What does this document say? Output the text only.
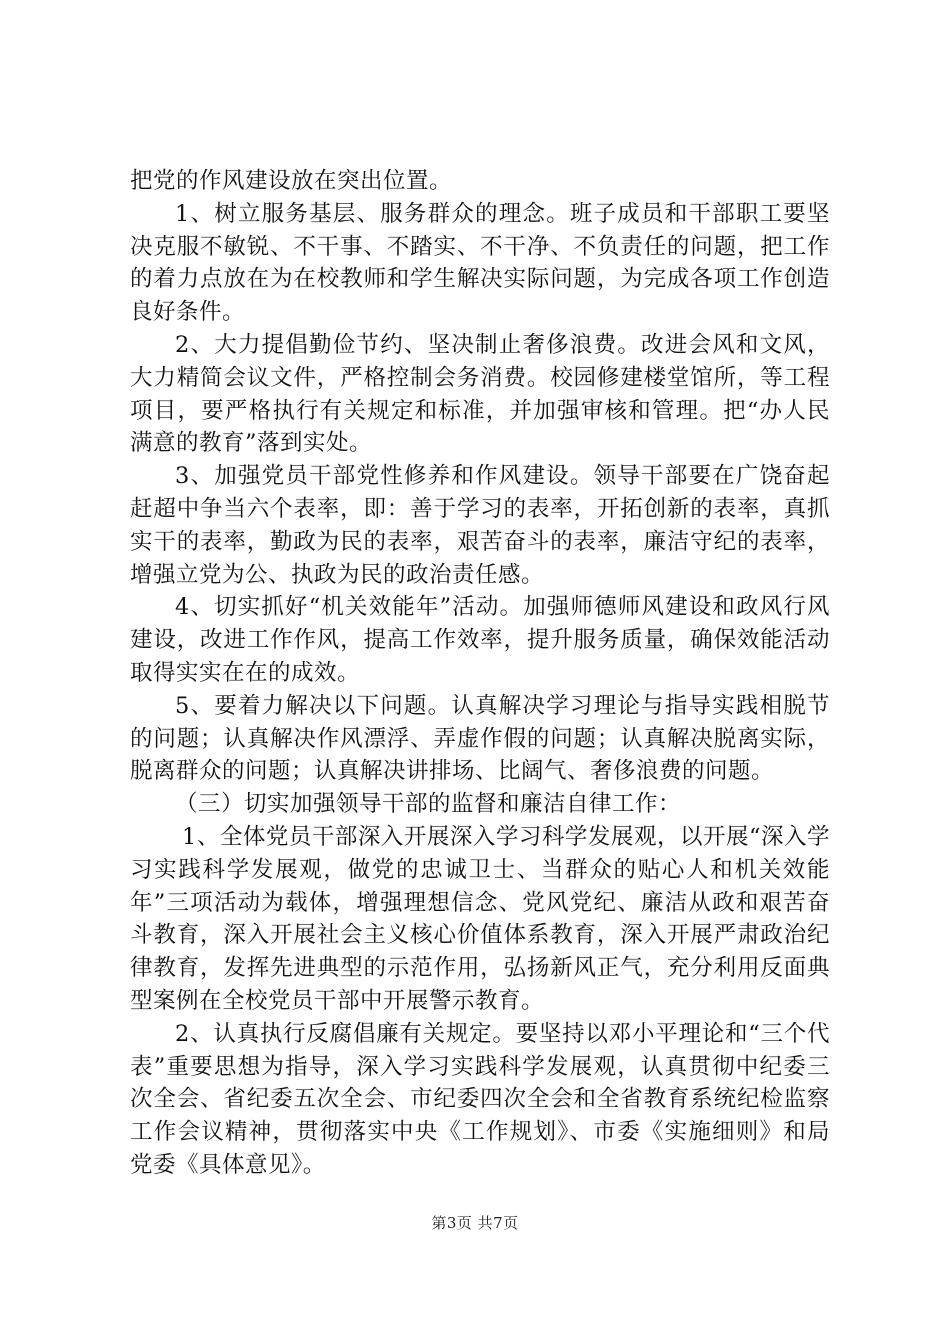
把党的作风建设放在突出位置。

1、树立服务基层、服务群众的理念。班子成员和干部职工要坚决克服不敏锐、不干事、不踏实、不干净、不负责任的问题，把工作的着力点放在为在校教师和学生解决实际问题，为完成各项工作创造良好条件。

2、大力提倡勤俭节约、坚决制止奢侈浪费。改进会风和文风，大力精简会议文件，严格控制会务消费。校园修建楼堂馆所，等工程项目，要严格执行有关规定和标准，并加强审核和管理。把“办人民满意的教育”落到实处。

3、加强党员干部党性修养和作风建设。领导干部要在广饶奋起赶超中争当六个表率，即：善于学习的表率，开拓创新的表率，真抓实干的表率，勤政为民的表率，艰苦奋斗的表率，廉洁守纪的表率，增强立党为公、执政为民的政治责任感。

4、切实抓好“机关效能年”活动。加强师德师风建设和政风行风建设，改进工作作风，提高工作效率，提升服务质量，确保效能活动取得实实在在的成效。

5、要着力解决以下问题。认真解决学习理论与指导实践相脱节的问题；认真解决作风漂浮、弄虚作假的问题；认真解决脱离实际，脱离群众的问题；认真解决讲排场、比阔气、奢侈浪费的问题。

（三）切实加强领导干部的监督和廉洁自律工作：

1、全体党员干部深入开展深入学习科学发展观，以开展“深入学习实践科学发展观，做党的忠诚卫士、当群众的贴心人和机关效能年”三项活动为载体，增强理想信念、党风党纪、廉洁从政和艰苦奋斗教育，深入开展社会主义核心价值体系教育，深入开展严肃政治纪律教育，发挥先进典型的示范作用，弘扬新风正气，充分利用反面典型案例在全校党员干部中开展警示教育。

2、认真执行反腐倡廉有关规定。要坚持以邓小平理论和“三个代表”重要思想为指导，深入学习实践科学发展观，认真贯彻中纪委三次全会、省纪委五次全会、市纪委四次全会和全省教育系统纪检监察工作会议精神，贯彻落实中央《工作规划》、市委《实施细则》和局党委《具体意见》。

第3页 共7页
